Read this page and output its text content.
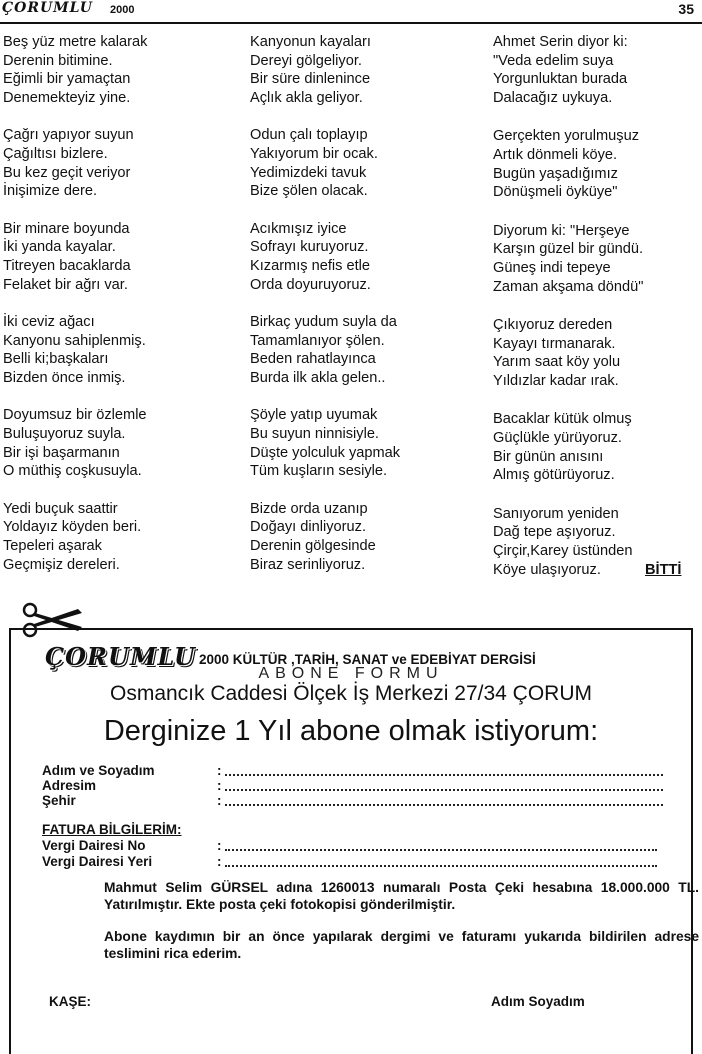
ÇORUMLU 2000	35
Beş yüz metre kalarak
Derenin bitimine.
Eğimli bir yamaçtan
Denemekteyiz yine.
Çağrı yapıyor suyun
Çağıltısı bizlere.
Bu kez geçit veriyor
İnişimize dere.
Bir minare boyunda
İki yanda kayalar.
Titreyen bacaklarda
Felaket bir ağrı var.
İki ceviz ağacı
Kanyonu sahiplenmiş.
Belli ki;başkaları
Bizden önce inmiş.
Doyumsuz bir özlemle
Buluşuyoruz suyla.
Bir işi başarmanın
O müthiş coşkusuyla.
Yedi buçuk saattir
Yoldayız köyden beri.
Tepeleri aşarak
Geçmişiz dereleri.
Kanyonun kayaları
Dereyi gölgeliyor.
Bir süre dinlenince
Açlık akla geliyor.
Odun çalı toplayıp
Yakıyorum bir ocak.
Yedimizdeki tavuk
Bize şölen olacak.
Acıkmışız iyice
Sofrayı kuruyoruz.
Kızarmış nefis etle
Orda doyuruyoruz.
Birkaç yudum suyla da
Tamamlanıyor şölen.
Beden rahatlayınca
Burda ilk akla gelen..
Şöyle yatıp uyumak
Bu suyun ninnisiyle.
Düşte yolculuk yapmak
Tüm kuşların sesiyle.
Bizde orda uzanıp
Doğayı dinliyoruz.
Derenin gölgesinde
Biraz serinliyoruz.
Ahmet Serin diyor ki:
"Veda edelim suya
Yorgunluktan burada
Dalacağız uykuya.
Gerçekten yorulmuşuz
Artık dönmeli köye.
Bugün yaşadığımız
Dönüşmeli öyküye"
Diyorum ki: "Herşeye
Karşın güzel bir gündü.
Güneş indi tepeye
Zaman akşama döndü"
Çıkıyoruz dereden
Kayayı tırmanarak.
Yarım saat köy yolu
Yıldızlar kadar ırak.
Bacaklar kütük olmuş
Güçlükle yürüyoruz.
Bir günün anısını
Almış götürüyoruz.
Sanıyorum yeniden
Dağ tepe aşıyoruz.
Çirçir,Karey üstünden
Köye ulaşıyoruz.	BİTTİ
ÇORUMLU 2000 KÜLTÜR ,TARİH, SANAT ve EDEBİYAT DERGİSİ
ABONE FORMU
Osmancık Caddesi Ölçek İş Merkezi 27/34 ÇORUM
Derginize 1 Yıl abone olmak istiyorum:
Adım ve Soyadım	:
Adresim	:
Şehir	:
FATURA BİLGİLERİM:
Vergi Dairesi No	:
Vergi Dairesi Yeri	:
Mahmut Selim GÜRSEL adına 1260013 numaralı Posta Çeki hesabına 18.000.000 TL. Yatırılmıştır. Ekte posta çeki fotokopisi gönderilmiştir.
Abone kaydımın bir an önce yapılarak dergimi ve faturamı yukarıda bildirilen adrese teslimini rica ederim.
KAŞE:	Adım Soyadım
